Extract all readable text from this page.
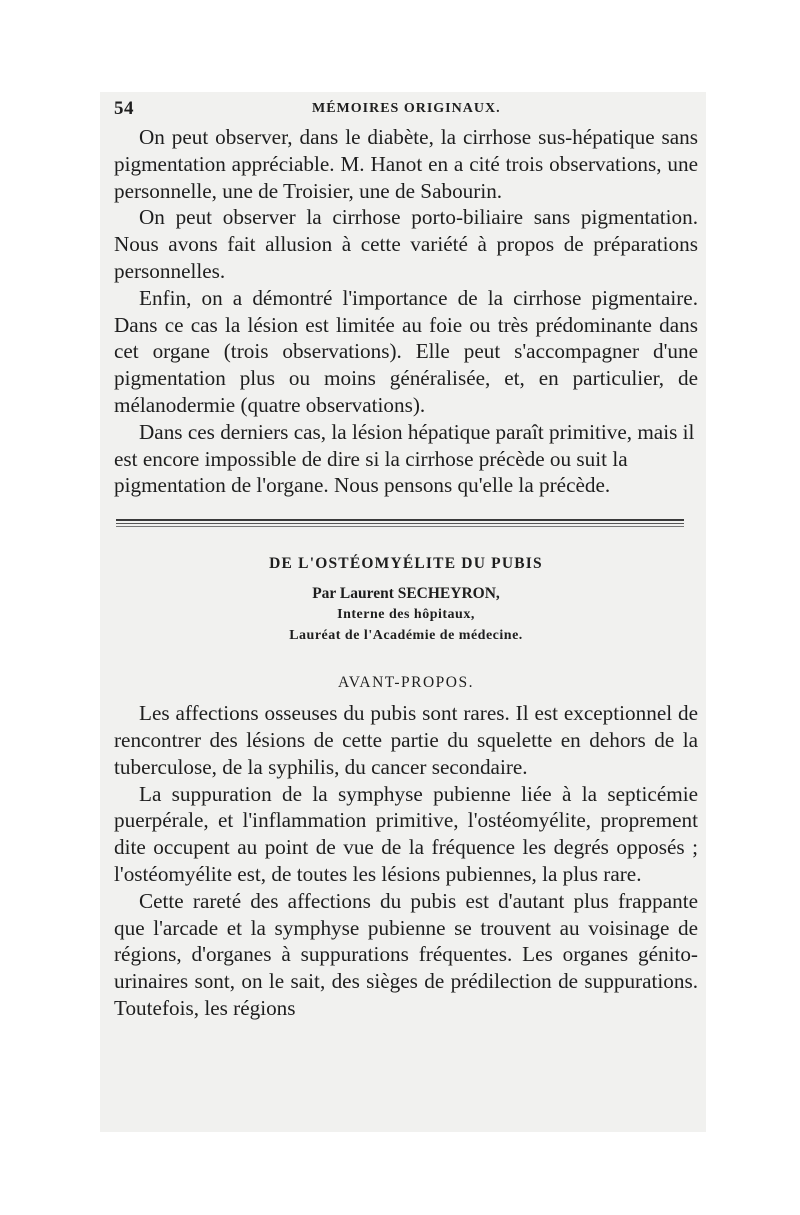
54	MÉMOIRES ORIGINAUX.

On peut observer, dans le diabète, la cirrhose sus-hépatique sans pigmentation appréciable. M. Hanot en a cité trois observations, une personnelle, une de Troisier, une de Sabourin.

On peut observer la cirrhose porto-biliaire sans pigmentation. Nous avons fait allusion à cette variété à propos de préparations personnelles.

Enfin, on a démontré l'importance de la cirrhose pigmentaire. Dans ce cas la lésion est limitée au foie ou très prédominante dans cet organe (trois observations). Elle peut s'accompagner d'une pigmentation plus ou moins généralisée, et, en particulier, de mélanodermie (quatre observations).

Dans ces derniers cas, la lésion hépatique paraît primitive, mais il est encore impossible de dire si la cirrhose précède ou suit la pigmentation de l'organe. Nous pensons qu'elle la précède.

DE L'OSTÉOMYÉLITE DU PUBIS
Par Laurent SECHEYRON,
Interne des hôpitaux,
Lauréat de l'Académie de médecine.
AVANT-PROPOS.

Les affections osseuses du pubis sont rares. Il est exceptionnel de rencontrer des lésions de cette partie du squelette en dehors de la tuberculose, de la syphilis, du cancer secondaire.

La suppuration de la symphyse pubienne liée à la septicémie puerpérale, et l'inflammation primitive, l'ostéomyélite, proprement dite occupent au point de vue de la fréquence les degrés opposés ; l'ostéomyélite est, de toutes les lésions pubiennes, la plus rare.

Cette rareté des affections du pubis est d'autant plus frappante que l'arcade et la symphyse pubienne se trouvent au voisinage de régions, d'organes à suppurations fréquentes. Les organes génito-urinaires sont, on le sait, des sièges de prédilection de suppurations. Toutefois, les régions
